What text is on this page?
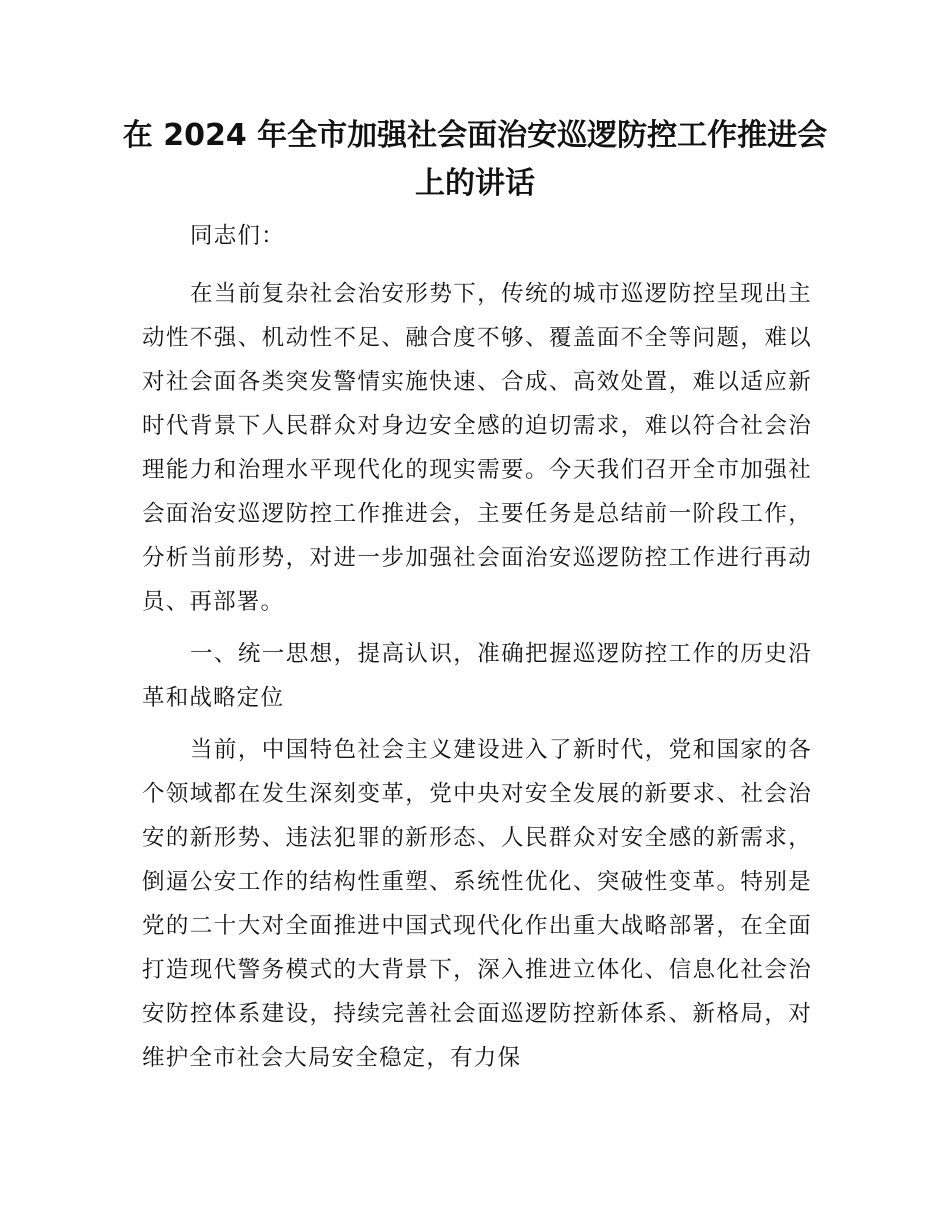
在 2024 年全市加强社会面治安巡逻防控工作推进会上的讲话

同志们：

在当前复杂社会治安形势下，传统的城市巡逻防控呈现出主动性不强、机动性不足、融合度不够、覆盖面不全等问题，难以对社会面各类突发警情实施快速、合成、高效处置，难以适应新时代背景下人民群众对身边安全感的迫切需求，难以符合社会治理能力和治理水平现代化的现实需要。今天我们召开全市加强社会面治安巡逻防控工作推进会，主要任务是总结前一阶段工作，分析当前形势，对进一步加强社会面治安巡逻防控工作进行再动员、再部署。

一、统一思想，提高认识，准确把握巡逻防控工作的历史沿革和战略定位

当前，中国特色社会主义建设进入了新时代，党和国家的各个领域都在发生深刻变革，党中央对安全发展的新要求、社会治安的新形势、违法犯罪的新形态、人民群众对安全感的新需求，倒逼公安工作的结构性重塑、系统性优化、突破性变革。特别是党的二十大对全面推进中国式现代化作出重大战略部署，在全面打造现代警务模式的大背景下，深入推进立体化、信息化社会治安防控体系建设，持续完善社会面巡逻防控新体系、新格局，对维护全市社会大局安全稳定，有力保
